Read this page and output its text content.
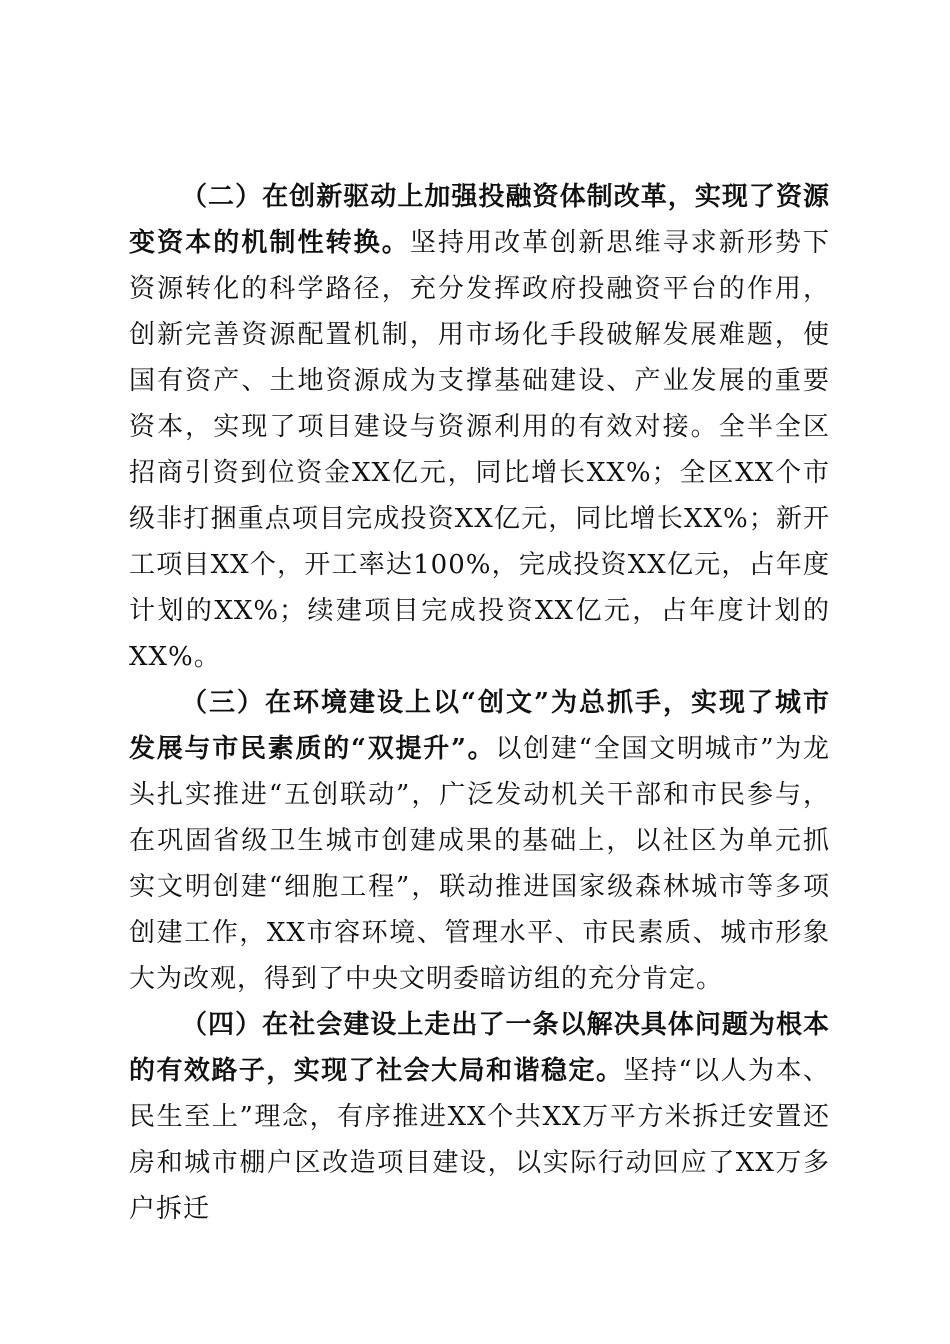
（二）在创新驱动上加强投融资体制改革，实现了资源变资本的机制性转换。坚持用改革创新思维寻求新形势下资源转化的科学路径，充分发挥政府投融资平台的作用，创新完善资源配置机制，用市场化手段破解发展难题，使国有资产、土地资源成为支撑基础建设、产业发展的重要资本，实现了项目建设与资源利用的有效对接。全半全区招商引资到位资金XX亿元，同比增长XX%；全区XX个市级非打捆重点项目完成投资XX亿元，同比增长XX%；新开工项目XX个，开工率达100%，完成投资XX亿元，占年度计划的XX%；续建项目完成投资XX亿元，占年度计划的XX%。

（三）在环境建设上以“创文”为总抓手，实现了城市发展与市民素质的“双提升”。以创建“全国文明城市”为龙头扎实推进“五创联动”，广泛发动机关干部和市民参与，在巩固省级卫生城市创建成果的基础上，以社区为单元抓实文明创建“细胞工程”，联动推进国家级森林城市等多项创建工作，XX市容环境、管理水平、市民素质、城市形象大为改观，得到了中央文明委暗访组的充分肯定。

（四）在社会建设上走出了一条以解决具体问题为根本的有效路子，实现了社会大局和谐稳定。坚持“以人为本、民生至上”理念，有序推进XX个共XX万平方米拆迁安置还房和城市棚户区改造项目建设，以实际行动回应了XX万多户拆迁
